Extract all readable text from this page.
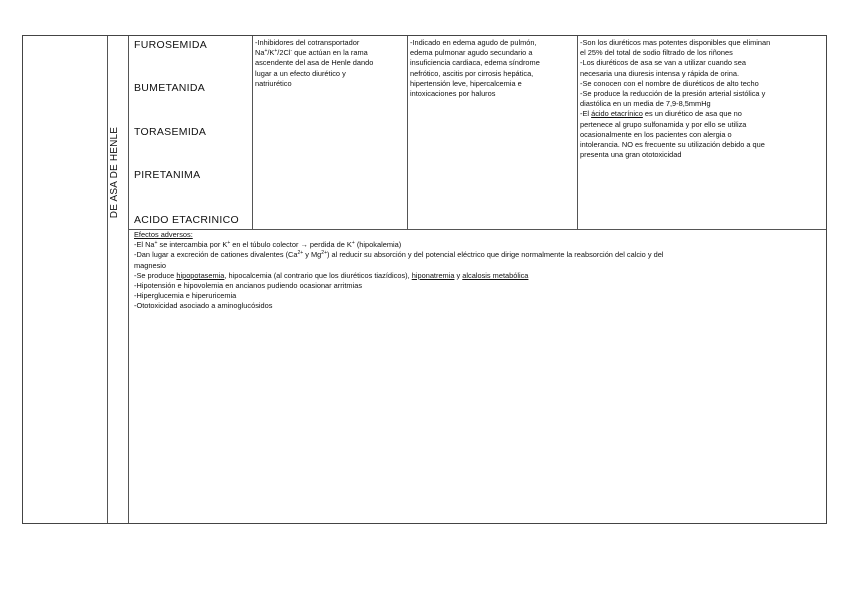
DE ASA DE HENLE
FUROSEMIDA
BUMETANIDA
TORASEMIDA
PIRETANIMA
ACIDO ETACRINICO
-Inhibidores del cotransportador
Na+/K+/2Cl- que actúan en la rama
ascendente del asa de Henle dando
lugar a un efecto diurético y
natriurético
-Indicado en edema agudo de pulmón,
edema pulmonar agudo secundario a
insuficiencia cardiaca, edema síndrome
nefrótico, ascitis por cirrosis hepática,
hipertensión leve, hipercalcemia e
intoxicaciones por haluros
-Son los diuréticos mas potentes disponibles que eliminan
el 25% del total de sodio filtrado de los riñones
-Los diuréticos de asa se van a utilizar cuando sea
necesaria una diuresis intensa y rápida de orina.
-Se conocen con el nombre de diuréticos de alto techo
-Se produce la reducción de la presión arterial sistólica y
diastólica en un media de 7,9-8,5mmHg
-El ácido etacrínico es un diurético de asa que no
pertenece al grupo sulfonamida y por ello se utiliza
ocasionalmente en los pacientes con alergia o
intolerancia. NO es frecuente su utilización debido a que
presenta una gran ototoxicidad
Efectos adversos:
-El Na+ se intercambia por K+ en el túbulo colector → perdida de K+ (hipokalemia)
-Dan lugar a excreción de cationes divalentes ($Ca^{2+}$ y $Mg^{2+}$) al reducir su absorción y del potencial eléctrico que dirige normalmente la reabsorción del calcio y del
magnesio
-Se produce hipopotasemia, hipocalcemia (al contrario que los diuréticos tiazídicos), hiponatremia y alcalosis metabólica
-Hipotensión e hipovolemia en ancianos pudiendo ocasionar arritmias
-Hiperglucemia e hiperuricemia
-Ototoxicidad asociado a aminoglucósidos
